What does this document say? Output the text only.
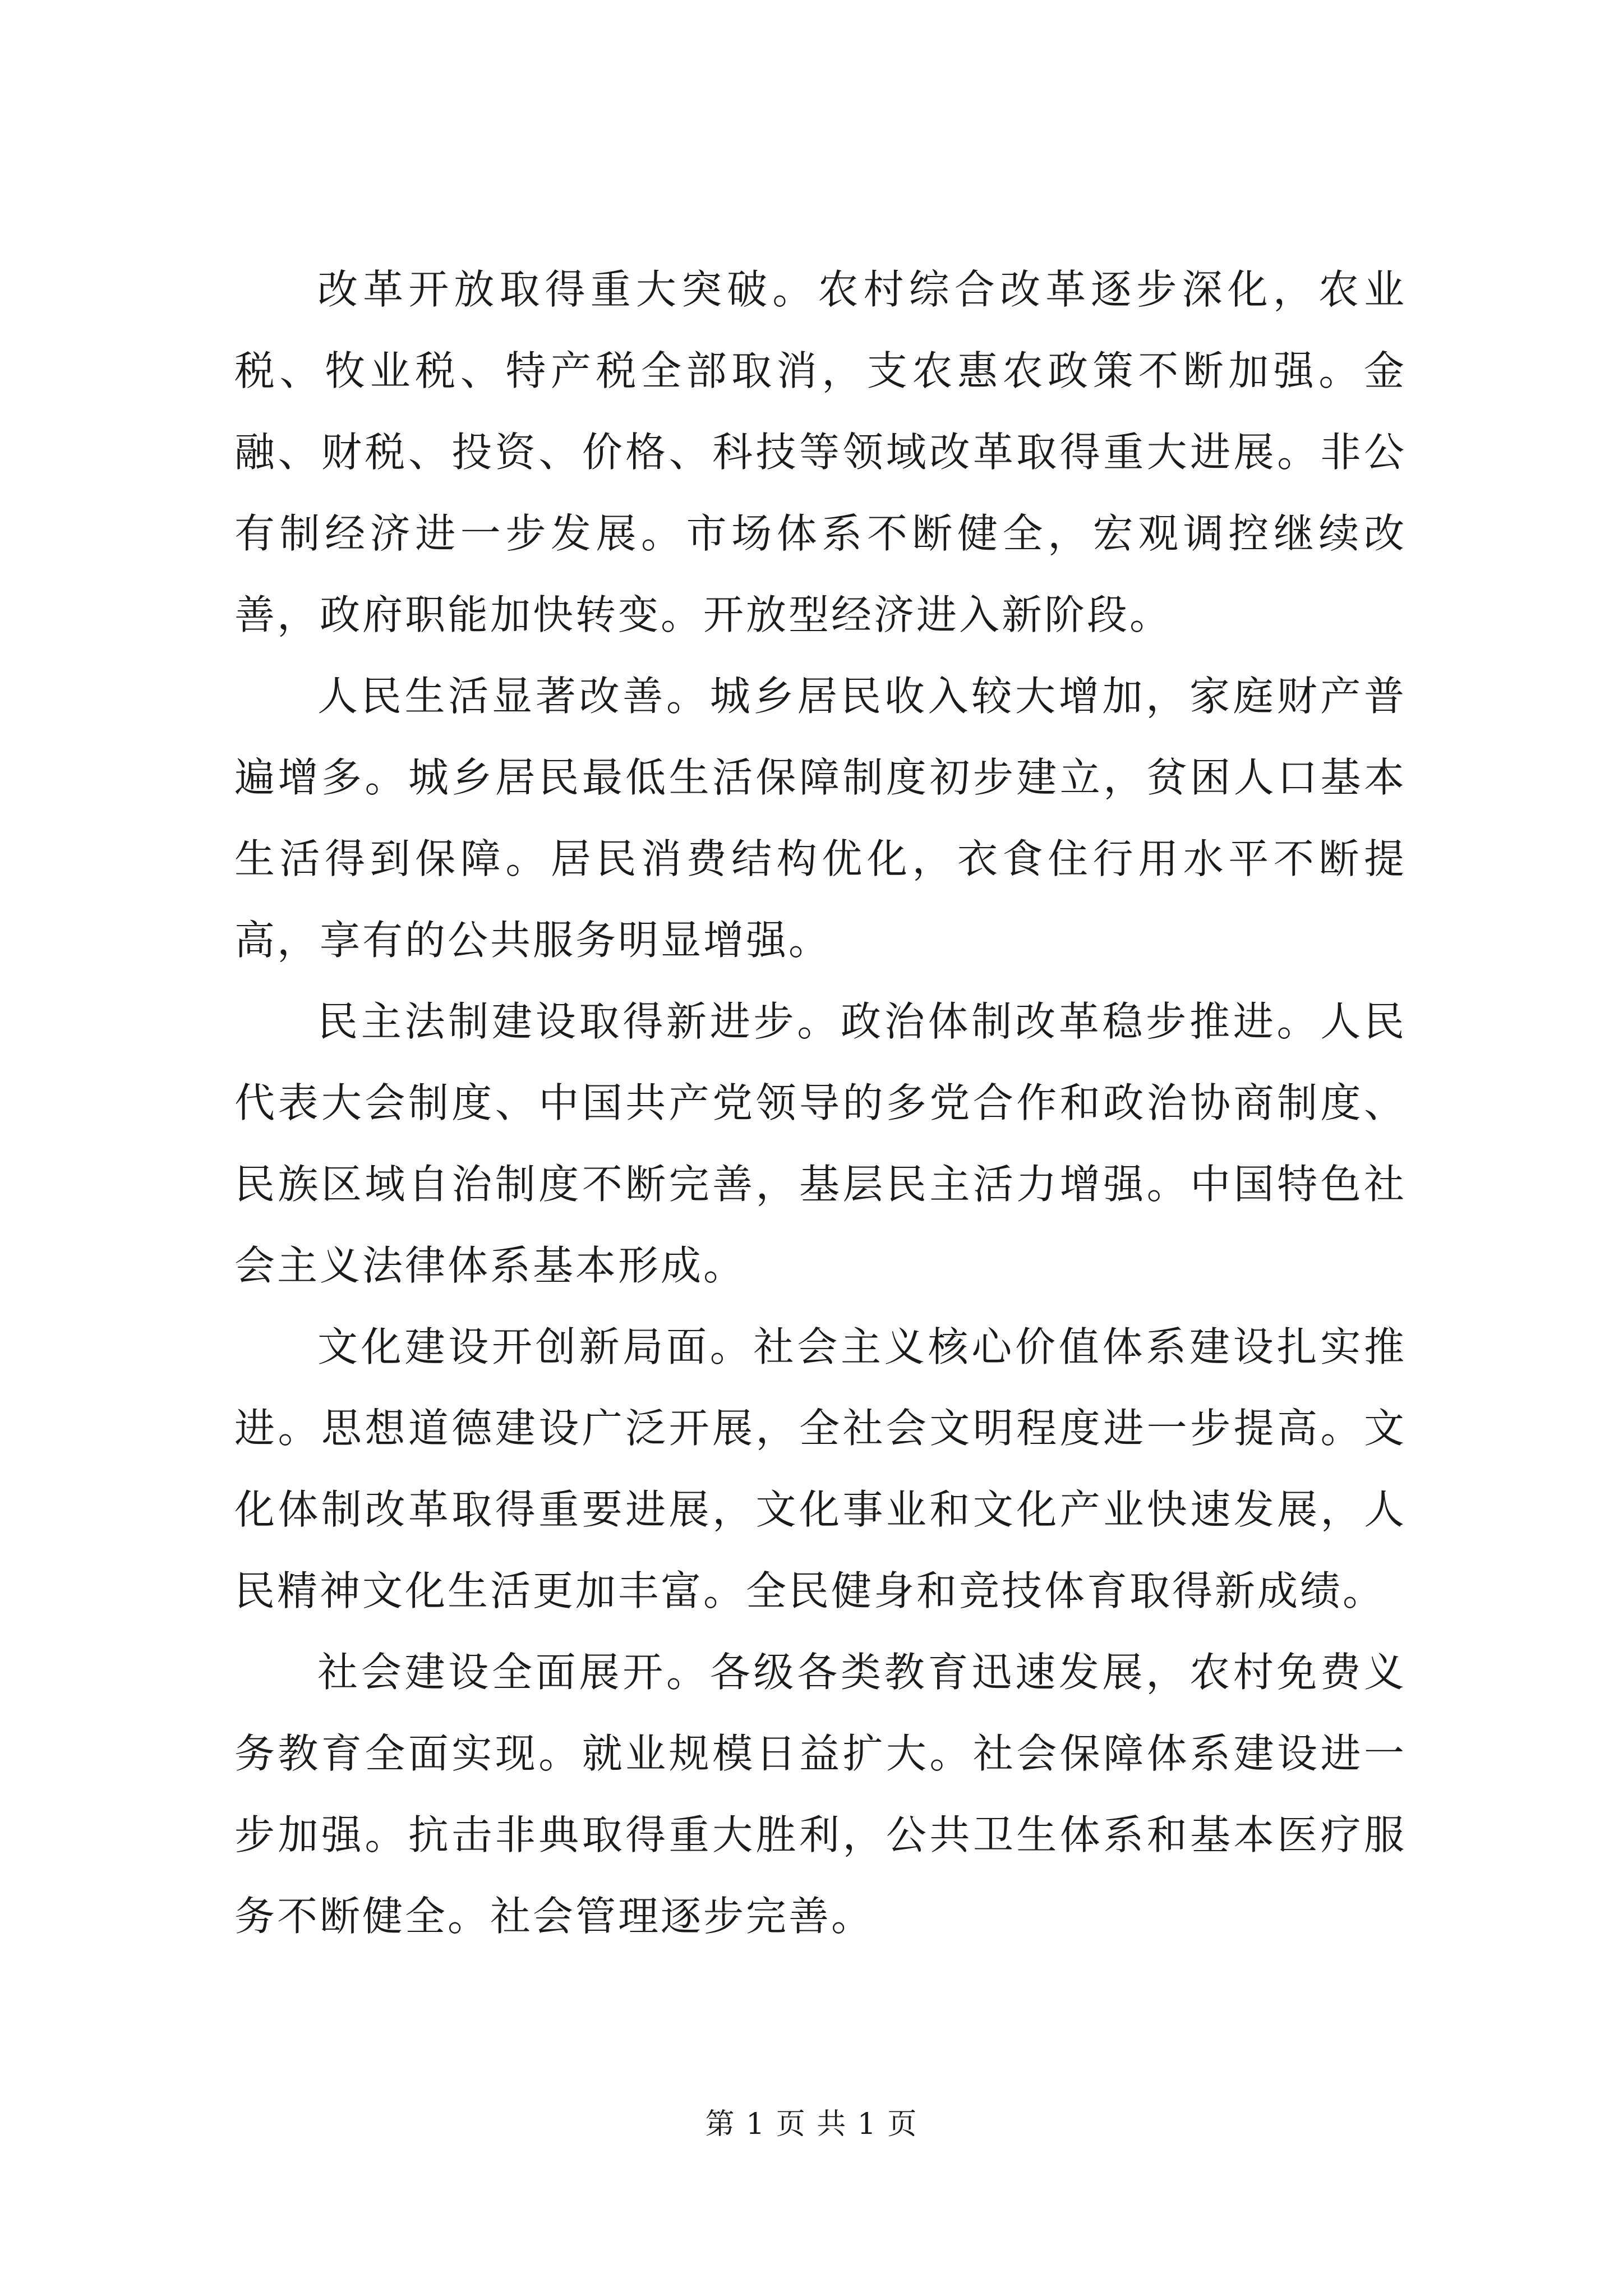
改革开放取得重大突破。农村综合改革逐步深化，农业税、牧业税、特产税全部取消，支农惠农政策不断加强。金融、财税、投资、价格、科技等领域改革取得重大进展。非公有制经济进一步发展。市场体系不断健全，宏观调控继续改善，政府职能加快转变。开放型经济进入新阶段。

人民生活显著改善。城乡居民收入较大增加，家庭财产普遍增多。城乡居民最低生活保障制度初步建立，贫困人口基本生活得到保障。居民消费结构优化，衣食住行用水平不断提高，享有的公共服务明显增强。

民主法制建设取得新进步。政治体制改革稳步推进。人民代表大会制度、中国共产党领导的多党合作和政治协商制度、民族区域自治制度不断完善，基层民主活力增强。中国特色社会主义法律体系基本形成。

文化建设开创新局面。社会主义核心价值体系建设扎实推进。思想道德建设广泛开展，全社会文明程度进一步提高。文化体制改革取得重要进展，文化事业和文化产业快速发展，人民精神文化生活更加丰富。全民健身和竞技体育取得新成绩。

社会建设全面展开。各级各类教育迅速发展，农村免费义务教育全面实现。就业规模日益扩大。社会保障体系建设进一步加强。抗击非典取得重大胜利，公共卫生体系和基本医疗服务不断健全。社会管理逐步完善。

第 1 页 共 1 页
